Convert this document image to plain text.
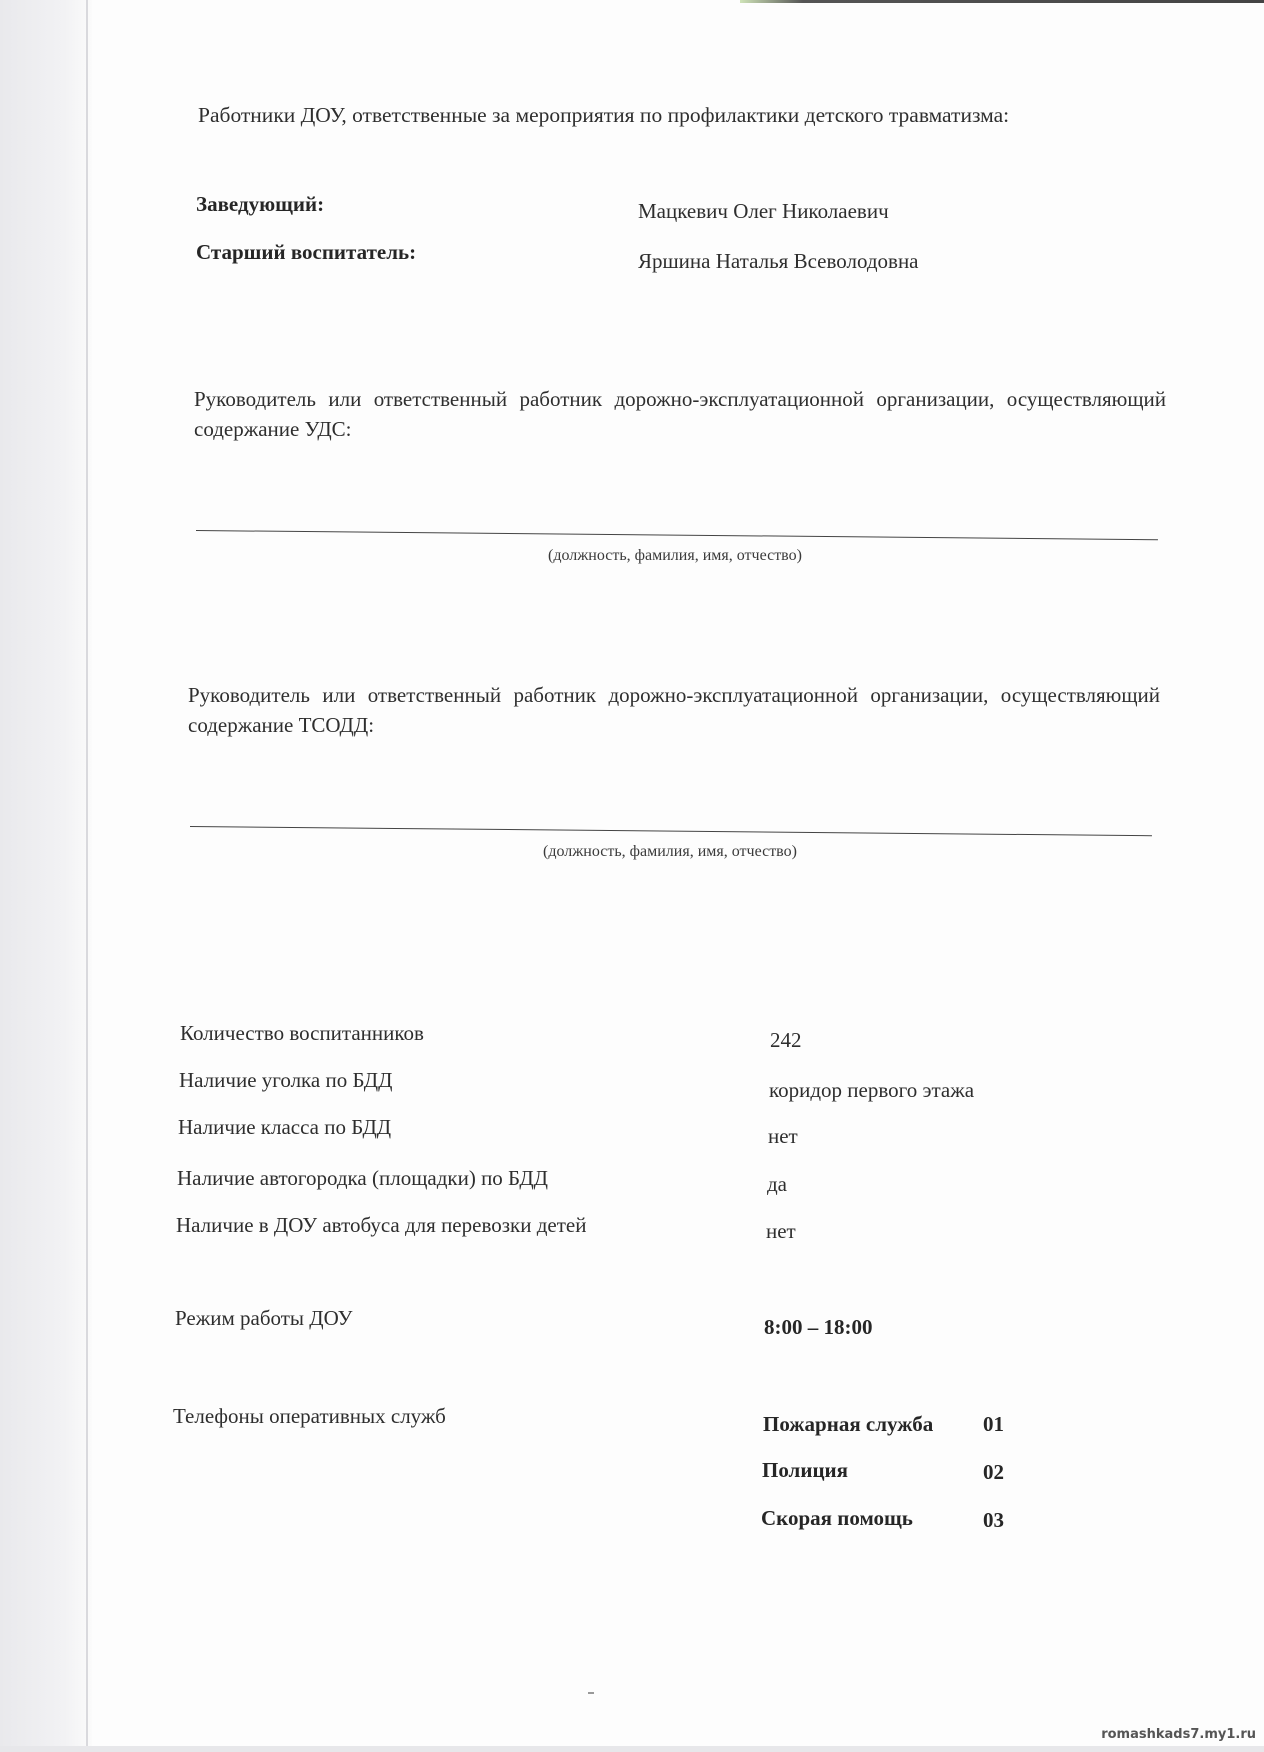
Работники ДОУ, ответственные за мероприятия по профилактики детского травматизма:
Заведующий:	Мацкевич Олег Николаевич
Старший воспитатель:	Яршина Наталья Всеволодовна
Руководитель или ответственный работник дорожно-эксплуатационной организации, осуществляющий содержание УДС:
(должность, фамилия, имя, отчество)
Руководитель или ответственный работник дорожно-эксплуатационной организации, осуществляющий содержание ТСОДД:
(должность, фамилия, имя, отчество)
Количество воспитанников	242
Наличие уголка по БДД	коридор первого этажа
Наличие класса по БДД	нет
Наличие автогородка (площадки) по БДД	да
Наличие в ДОУ автобуса для перевозки детей	нет
Режим работы ДОУ	8:00 – 18:00
Телефоны оперативных служб	Пожарная служба 01
Полиция	02
Скорая помощь	03
romashkads7.my1.ru
